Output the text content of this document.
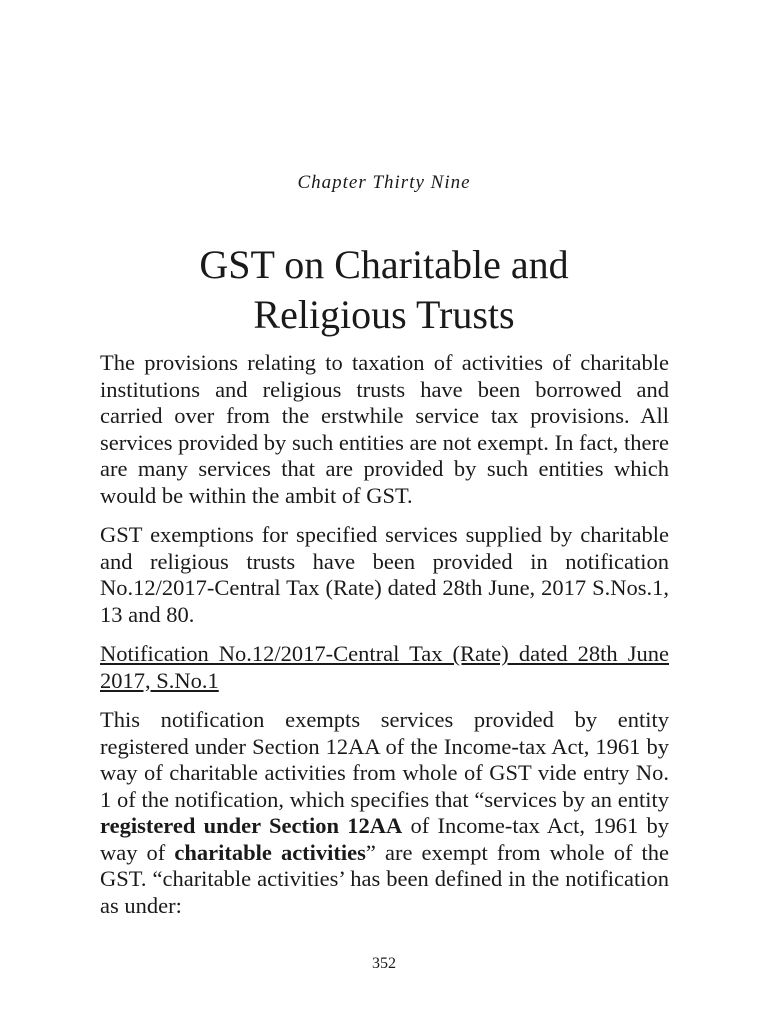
Chapter Thirty Nine
GST on Charitable and
Religious Trusts

The provisions relating to taxation of activities of charitable institutions and religious trusts have been borrowed and carried over from the erstwhile service tax provisions. All services provided by such entities are not exempt. In fact, there are many services that are provided by such entities which would be within the ambit of GST.

GST exemptions for specified services supplied by charitable and religious trusts have been provided in notification No.12/2017-Central Tax (Rate) dated 28th June, 2017 S.Nos.1, 13 and 80.

Notification No.12/2017-Central Tax (Rate) dated 28th June 2017, S.No.1

This notification exempts services provided by entity registered under Section 12AA of the Income-tax Act, 1961 by way of charitable activities from whole of GST vide entry No. 1 of the notification, which specifies that “services by an entity registered under Section 12AA of Income-tax Act, 1961 by way of charitable activities” are exempt from whole of the GST. “charitable activities’ has been defined in the notification as under:

352
